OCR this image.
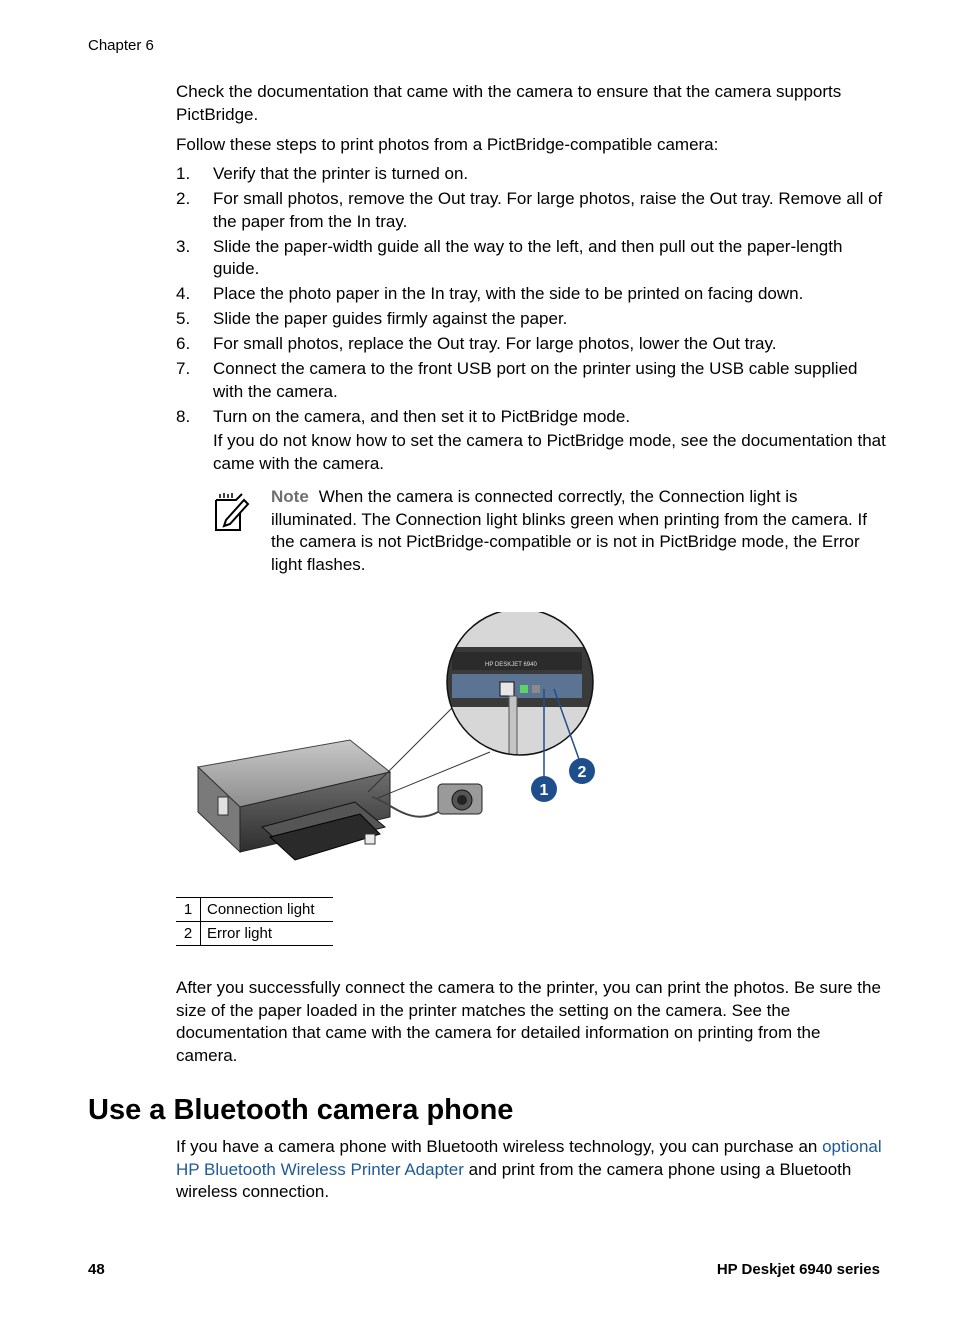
Chapter 6

Check the documentation that came with the camera to ensure that the camera supports PictBridge.

Follow these steps to print photos from a PictBridge-compatible camera:

1. Verify that the printer is turned on.
2. For small photos, remove the Out tray. For large photos, raise the Out tray. Remove all of the paper from the In tray.
3. Slide the paper-width guide all the way to the left, and then pull out the paper-length guide.
4. Place the photo paper in the In tray, with the side to be printed on facing down.
5. Slide the paper guides firmly against the paper.
6. For small photos, replace the Out tray. For large photos, lower the Out tray.
7. Connect the camera to the front USB port on the printer using the USB cable supplied with the camera.
8. Turn on the camera, and then set it to PictBridge mode.
If you do not know how to set the camera to PictBridge mode, see the documentation that came with the camera.
Note When the camera is connected correctly, the Connection light is illuminated. The Connection light blinks green when printing from the camera. If the camera is not PictBridge-compatible or is not in PictBridge mode, the Error light flashes.
HP DESKJET 6940
1
2
1	Connection light
2	Error light

After you successfully connect the camera to the printer, you can print the photos. Be sure the size of the paper loaded in the printer matches the setting on the camera. See the documentation that came with the camera for detailed information on printing from the camera.

Use a Bluetooth camera phone

If you have a camera phone with Bluetooth wireless technology, you can purchase an optional HP Bluetooth Wireless Printer Adapter and print from the camera phone using a Bluetooth wireless connection.

48	HP Deskjet 6940 series
